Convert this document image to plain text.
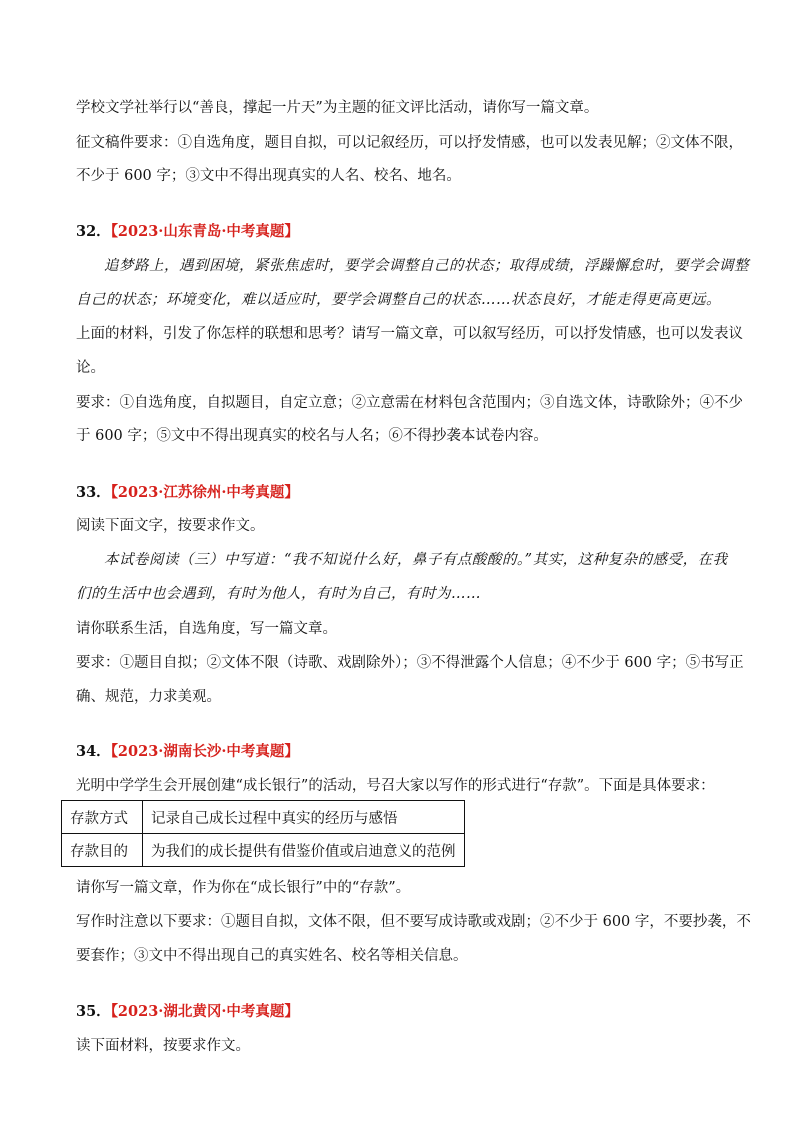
学校文学社举行以“善良，撑起一片天”为主题的征文评比活动，请你写一篇文章。
征文稿件要求：①自选角度，题目自拟，可以记叙经历，可以抒发情感，也可以发表见解；②文体不限，
不少于 600 字；③文中不得出现真实的人名、校名、地名。
32．【2023·山东青岛·中考真题】
追梦路上，遇到困境，紧张焦虑时，要学会调整自己的状态；取得成绩，浮躁懈怠时，要学会调整
自己的状态；环境变化，难以适应时，要学会调整自己的状态……状态良好，才能走得更高更远。
上面的材料，引发了你怎样的联想和思考？请写一篇文章，可以叙写经历，可以抒发情感，也可以发表议
论。
要求：①自选角度，自拟题目，自定立意；②立意需在材料包含范围内；③自选文体，诗歌除外；④不少
于 600 字；⑤文中不得出现真实的校名与人名；⑥不得抄袭本试卷内容。
33．【2023·江苏徐州·中考真题】
阅读下面文字，按要求作文。
本试卷阅读（三）中写道：“我不知说什么好，鼻子有点酸酸的。”其实，这种复杂的感受，在我
们的生活中也会遇到，有时为他人，有时为自己，有时为……
请你联系生活，自选角度，写一篇文章。
要求：①题目自拟；②文体不限（诗歌、戏剧除外）；③不得泄露个人信息；④不少于 600 字；⑤书写正
确、规范，力求美观。
34．【2023·湖南长沙·中考真题】
光明中学学生会开展创建“成长银行”的活动，号召大家以写作的形式进行“存款”。下面是具体要求：
存款方式	记录自己成长过程中真实的经历与感悟
存款目的	为我们的成长提供有借鉴价值或启迪意义的范例
请你写一篇文章，作为你在“成长银行”中的“存款”。
写作时注意以下要求：①题目自拟，文体不限，但不要写成诗歌或戏剧；②不少于 600 字，不要抄袭，不
要套作；③文中不得出现自己的真实姓名、校名等相关信息。
35．【2023·湖北黄冈·中考真题】
读下面材料，按要求作文。
